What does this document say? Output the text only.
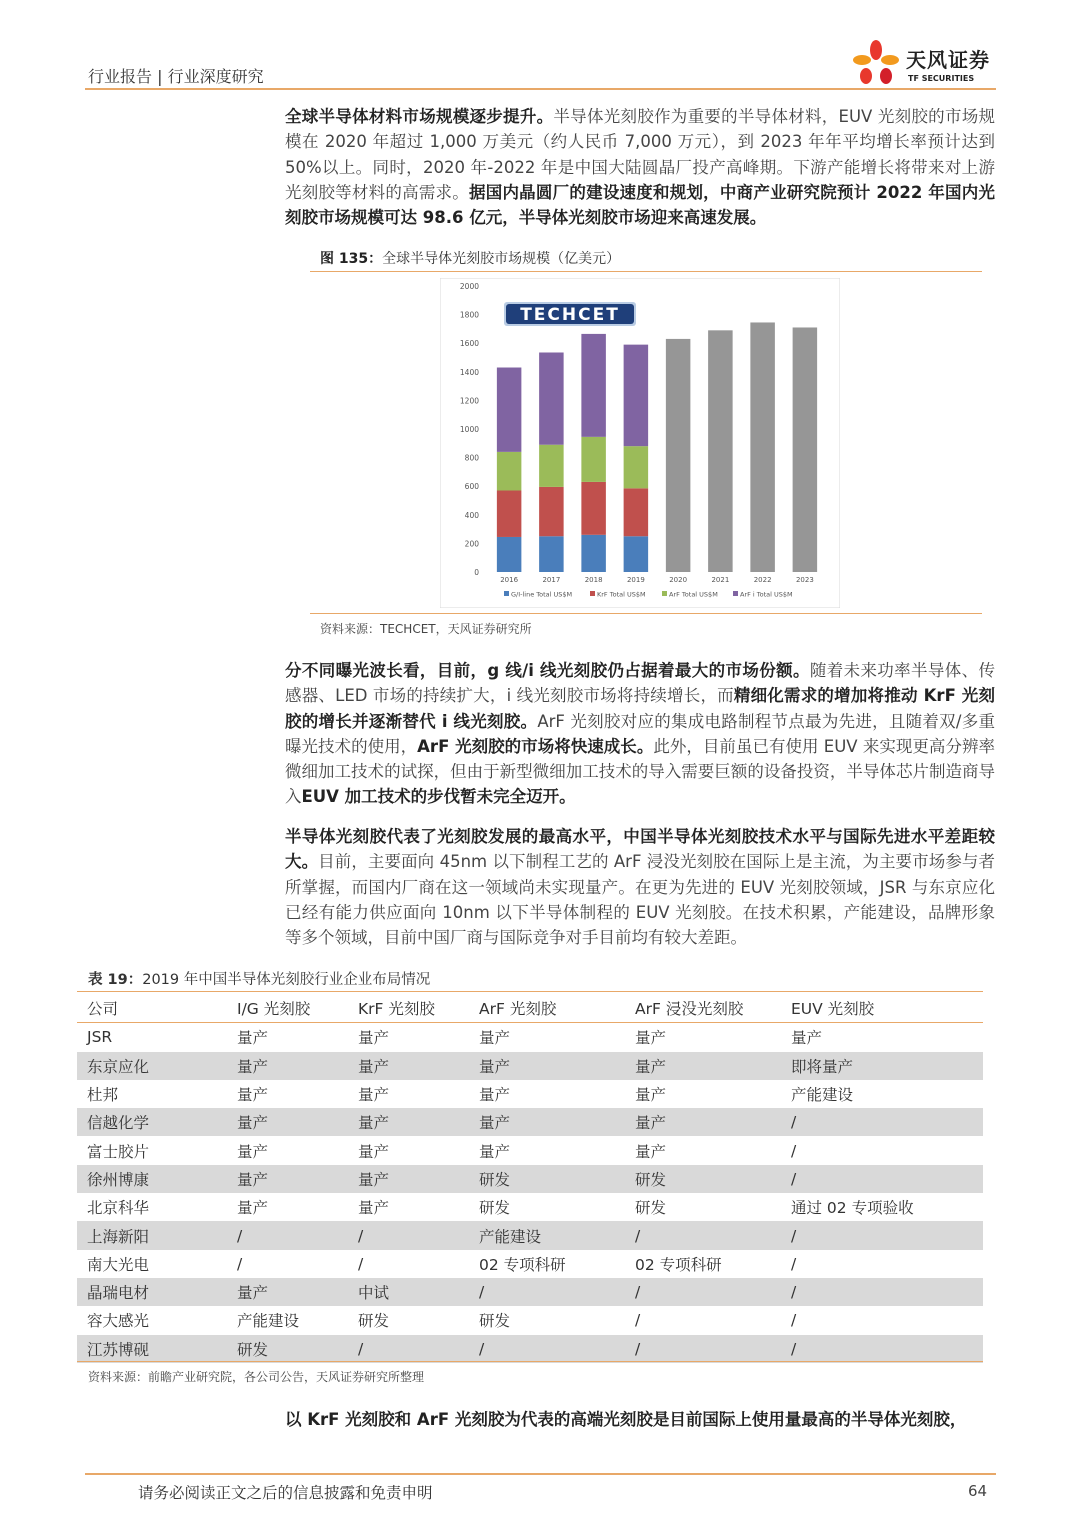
行业报告 | 行业深度研究
天风证券
TF SECURITIES
全球半导体材料市场规模逐步提升。半导体光刻胶作为重要的半导体材料，EUV 光刻胶的市场规模在 2020 年超过 1,000 万美元（约人民币 7,000 万元），到 2023 年年平均增长率预计达到 50%以上。同时，2020 年-2022 年是中国大陆圆晶厂投产高峰期。下游产能增长将带来对上游光刻胶等材料的高需求。据国内晶圆厂的建设速度和规划，中商产业研究院预计 2022 年国内光刻胶市场规模可达 98.6 亿元，半导体光刻胶市场迎来高速发展。
图 135：全球半导体光刻胶市场规模（亿美元）
0
200
400
600
800
1000
1200
1400
1600
1800
2000
2016	2017	2018	2019	2020	2021	2022	2023
G/I-line Total US$M	KrF Total US$M	ArF Total US$M	ArF i Total US$M
TECHCET
资料来源：TECHCET，天风证券研究所
分不同曝光波长看，目前，g 线/i 线光刻胶仍占据着最大的市场份额。随着未来功率半导体、传感器、LED 市场的持续扩大，i 线光刻胶市场将持续增长，而精细化需求的增加将推动 KrF 光刻胶的增长并逐渐替代 i 线光刻胶。ArF 光刻胶对应的集成电路制程节点最为先进，且随着双/多重曝光技术的使用，ArF 光刻胶的市场将快速成长。此外，目前虽已有使用 EUV 来实现更高分辨率微细加工技术的试探，但由于新型微细加工技术的导入需要巨额的设备投资，半导体芯片制造商导入EUV 加工技术的步伐暂未完全迈开。
半导体光刻胶代表了光刻胶发展的最高水平，中国半导体光刻胶技术水平与国际先进水平差距较大。目前，主要面向 45nm 以下制程工艺的 ArF 浸没光刻胶在国际上是主流，为主要市场参与者所掌握，而国内厂商在这一领域尚未实现量产。在更为先进的 EUV 光刻胶领域，JSR 与东京应化已经有能力供应面向 10nm 以下半导体制程的 EUV 光刻胶。在技术积累，产能建设，品牌形象等多个领域，目前中国厂商与国际竞争对手目前均有较大差距。
表 19：2019 年中国半导体光刻胶行业企业布局情况
公司	I/G 光刻胶	KrF 光刻胶	ArF 光刻胶	ArF 浸没光刻胶	EUV 光刻胶
JSR	量产	量产	量产	量产	量产
东京应化	量产	量产	量产	量产	即将量产
杜邦	量产	量产	量产	量产	产能建设
信越化学	量产	量产	量产	量产	/
富士胶片	量产	量产	量产	量产	/
徐州博康	量产	量产	研发	研发	/
北京科华	量产	量产	研发	研发	通过 02 专项验收
上海新阳	/	/	产能建设	/	/
南大光电	/	/	02 专项科研	02 专项科研	/
晶瑞电材	量产	中试	/	/	/
容大感光	产能建设	研发	研发	/	/
江苏博砚	研发	/	/	/	/
资料来源：前瞻产业研究院，各公司公告，天风证券研究所整理
以 KrF 光刻胶和 ArF 光刻胶为代表的高端光刻胶是目前国际上使用量最高的半导体光刻胶，
请务必阅读正文之后的信息披露和免责申明	64
